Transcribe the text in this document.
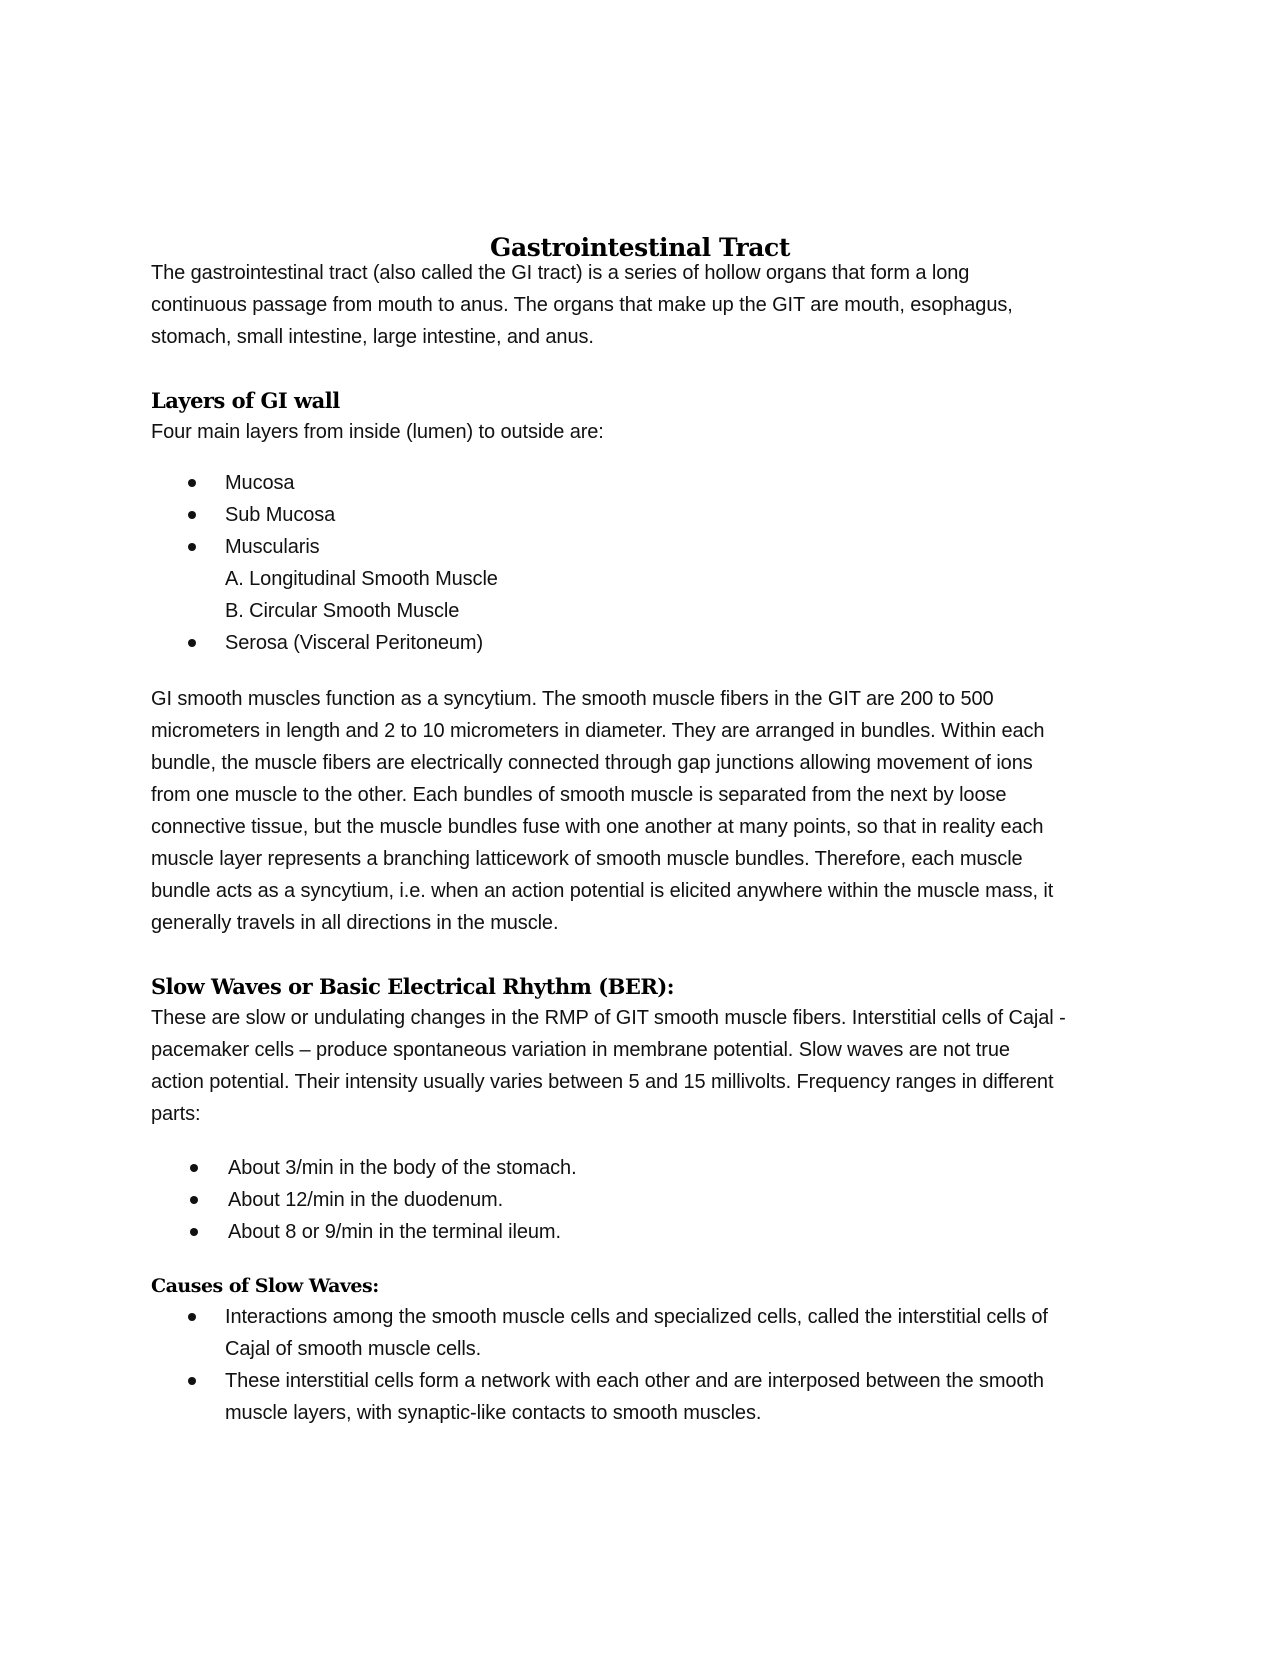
Gastrointestinal Tract
The gastrointestinal tract (also called the GI tract) is a series of hollow organs that form a long
continuous passage from mouth to anus. The organs that make up the GIT are mouth, esophagus,
stomach, small intestine, large intestine, and anus.
Layers of GI wall
Four main layers from inside (lumen) to outside are:
Mucosa
Sub Mucosa
Muscularis
A. Longitudinal Smooth Muscle
B. Circular Smooth Muscle
Serosa (Visceral Peritoneum)
GI smooth muscles function as a syncytium. The smooth muscle fibers in the GIT are 200 to 500
micrometers in length and 2 to 10 micrometers in diameter. They are arranged in bundles. Within each
bundle, the muscle fibers are electrically connected through gap junctions allowing movement of ions
from one muscle to the other. Each bundles of smooth muscle is separated from the next by loose
connective tissue, but the muscle bundles fuse with one another at many points, so that in reality each
muscle layer represents a branching latticework of smooth muscle bundles. Therefore, each muscle
bundle acts as a syncytium, i.e. when an action potential is elicited anywhere within the muscle mass, it
generally travels in all directions in the muscle.
Slow Waves or Basic Electrical Rhythm (BER):
These are slow or undulating changes in the RMP of GIT smooth muscle fibers. Interstitial cells of Cajal -
pacemaker cells – produce spontaneous variation in membrane potential. Slow waves are not true
action potential. Their intensity usually varies between 5 and 15 millivolts. Frequency ranges in different
parts:
About 3/min in the body of the stomach.
About 12/min in the duodenum.
About 8 or 9/min in the terminal ileum.
Causes of Slow Waves:
Interactions among the smooth muscle cells and specialized cells, called the interstitial cells of
Cajal of smooth muscle cells.
These interstitial cells form a network with each other and are interposed between the smooth
muscle layers, with synaptic-like contacts to smooth muscles.
